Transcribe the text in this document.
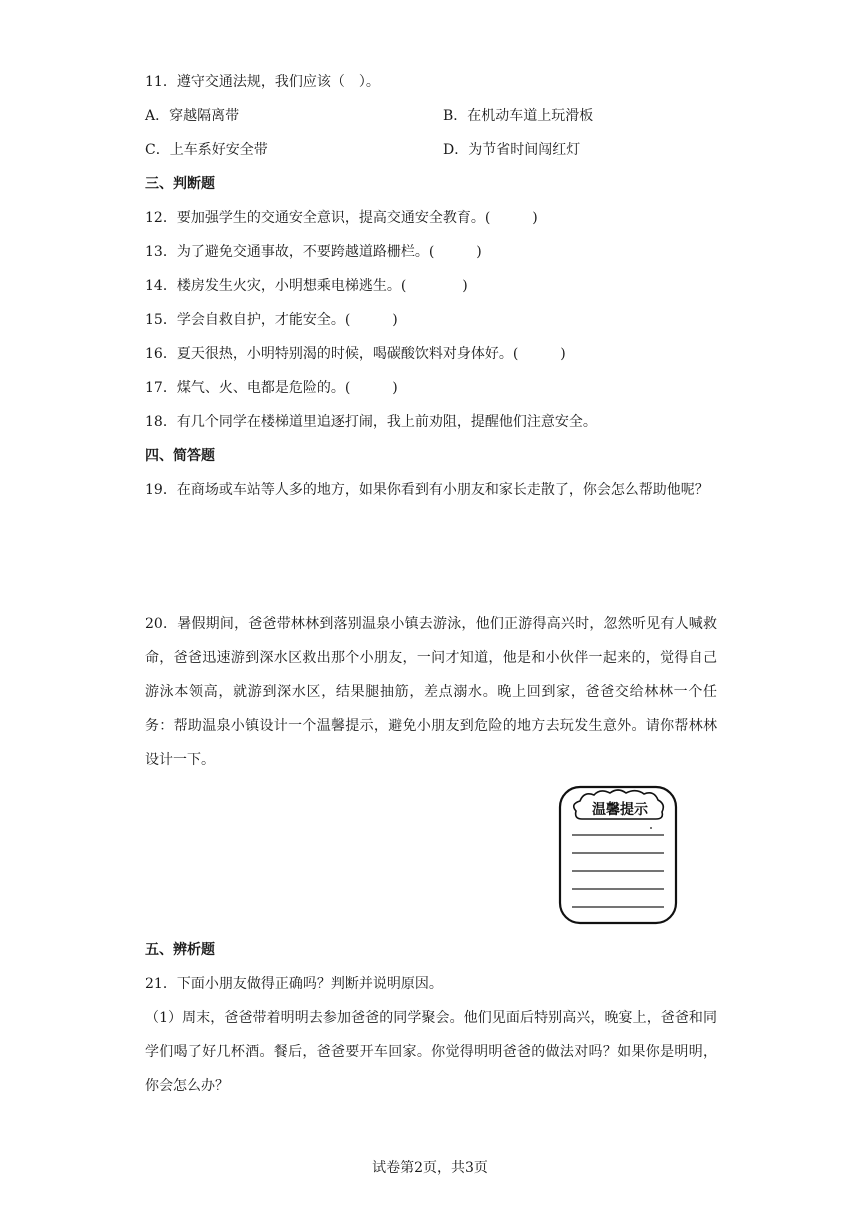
11．遵守交通法规，我们应该（　）。
A．穿越隔离带	B．在机动车道上玩滑板
C．上车系好安全带	D．为节省时间闯红灯
三、判断题
12．要加强学生的交通安全意识，提高交通安全教育。(　　　)
13．为了避免交通事故，不要跨越道路栅栏。(　　　)
14．楼房发生火灾，小明想乘电梯逃生。(　　　　)
15．学会自救自护，才能安全。(　　　)
16．夏天很热，小明特别渴的时候，喝碳酸饮料对身体好。(　　　)
17．煤气、火、电都是危险的。(　　　)
18．有几个同学在楼梯道里追逐打闹，我上前劝阻，提醒他们注意安全。
四、简答题
19．在商场或车站等人多的地方，如果你看到有小朋友和家长走散了，你会怎么帮助他呢？
20．暑假期间，爸爸带林林到落别温泉小镇去游泳，他们正游得高兴时，忽然听见有人喊救命，爸爸迅速游到深水区救出那个小朋友，一问才知道，他是和小伙伴一起来的，觉得自己游泳本领高，就游到深水区，结果腿抽筋，差点溺水。晚上回到家，爸爸交给林林一个任务：帮助温泉小镇设计一个温馨提示，避免小朋友到危险的地方去玩发生意外。请你帮林林设计一下。
温馨提示
五、辨析题
21．下面小朋友做得正确吗？判断并说明原因。
（1）周末，爸爸带着明明去参加爸爸的同学聚会。他们见面后特别高兴，晚宴上，爸爸和同学们喝了好几杯酒。餐后，爸爸要开车回家。你觉得明明爸爸的做法对吗？如果你是明明，你会怎么办？
试卷第2页，共3页
